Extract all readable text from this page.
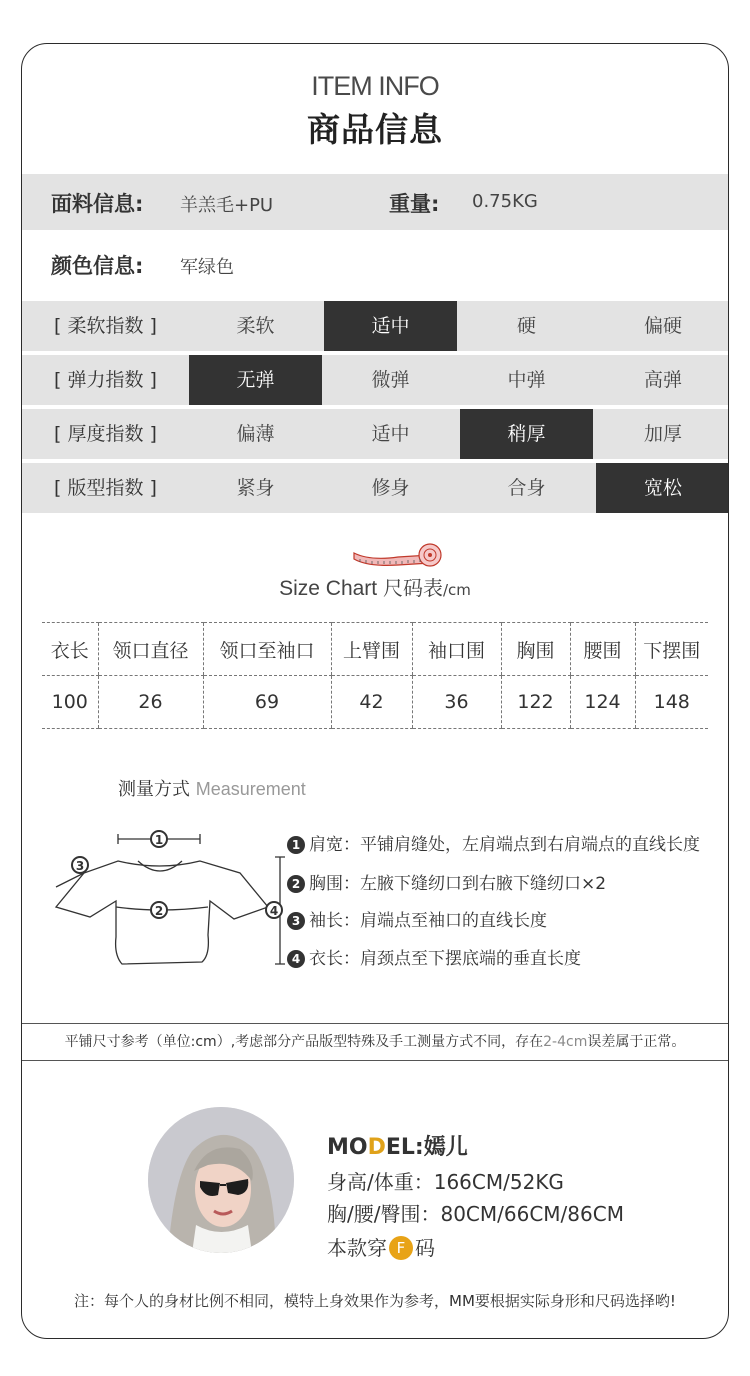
ITEM INFO
商品信息
面料信息: 羊羔毛+PU	重量: 0.75KG
颜色信息: 军绿色
[ 柔软指数 ]	柔软	适中	硬	偏硬
[ 弹力指数 ]	无弹	微弹	中弹	高弹
[ 厚度指数 ]	偏薄	适中	稍厚	加厚
[ 版型指数 ]	紧身	修身	合身	宽松
Size Chart 尺码表/cm
衣长	领口直径	领口至袖口	上臂围	袖口围	胸围	腰围	下摆围
100	26	69	42	36	122	124	148
测量方式 Measurement
1
3
2	4
1 肩宽：平铺肩缝处，左肩端点到右肩端点的直线长度
2 胸围：左腋下缝纫口到右腋下缝纫口×2
3 袖长：肩端点至袖口的直线长度
4 衣长：肩颈点至下摆底端的垂直长度
平铺尺寸参考（单位:cm）,考虑部分产品版型特殊及手工测量方式不同，存在2-4cm误差属于正常。
MODEL:嫣儿
身高/体重：166CM/52KG
胸/腰/臀围：80CM/66CM/86CM
本款穿 F 码
注：每个人的身材比例不相同，模特上身效果作为参考，MM要根据实际身形和尺码选择哟!
